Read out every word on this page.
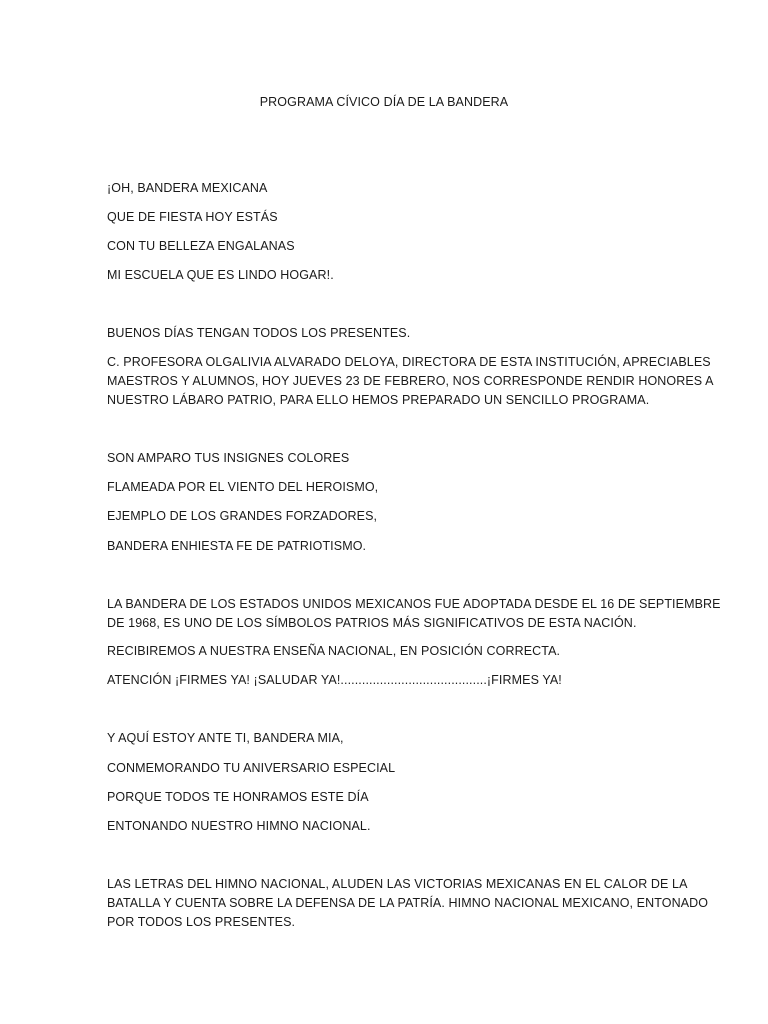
PROGRAMA CÍVICO DÍA DE LA BANDERA
¡OH, BANDERA MEXICANA
QUE DE FIESTA HOY ESTÁS
CON TU BELLEZA ENGALANAS
MI ESCUELA QUE ES LINDO HOGAR!.
BUENOS DÍAS TENGAN TODOS LOS PRESENTES.
C. PROFESORA OLGALIVIA ALVARADO DELOYA, DIRECTORA DE ESTA INSTITUCIÓN, APRECIABLES
MAESTROS Y ALUMNOS, HOY JUEVES 23 DE FEBRERO, NOS CORRESPONDE RENDIR HONORES A
NUESTRO LÁBARO PATRIO, PARA ELLO HEMOS PREPARADO UN SENCILLO PROGRAMA.
SON AMPARO TUS INSIGNES COLORES
FLAMEADA POR EL VIENTO DEL HEROISMO,
EJEMPLO DE LOS GRANDES FORZADORES,
BANDERA ENHIESTA FE DE PATRIOTISMO.
LA BANDERA DE LOS ESTADOS UNIDOS MEXICANOS FUE ADOPTADA DESDE EL 16 DE SEPTIEMBRE
DE 1968, ES UNO DE LOS SÍMBOLOS PATRIOS MÁS SIGNIFICATIVOS DE ESTA NACIÓN.
RECIBIREMOS A NUESTRA ENSEÑA NACIONAL, EN POSICIÓN CORRECTA.
ATENCIÓN ¡FIRMES YA! ¡SALUDAR YA!.........................................¡FIRMES YA!
Y AQUÍ ESTOY ANTE TI, BANDERA MIA,
CONMEMORANDO TU ANIVERSARIO ESPECIAL
PORQUE TODOS TE HONRAMOS ESTE DÍA
ENTONANDO NUESTRO HIMNO NACIONAL.
LAS LETRAS DEL HIMNO NACIONAL, ALUDEN LAS VICTORIAS MEXICANAS EN EL CALOR DE LA
BATALLA Y CUENTA SOBRE LA DEFENSA DE LA PATRÍA. HIMNO NACIONAL MEXICANO, ENTONADO
POR TODOS LOS PRESENTES.
